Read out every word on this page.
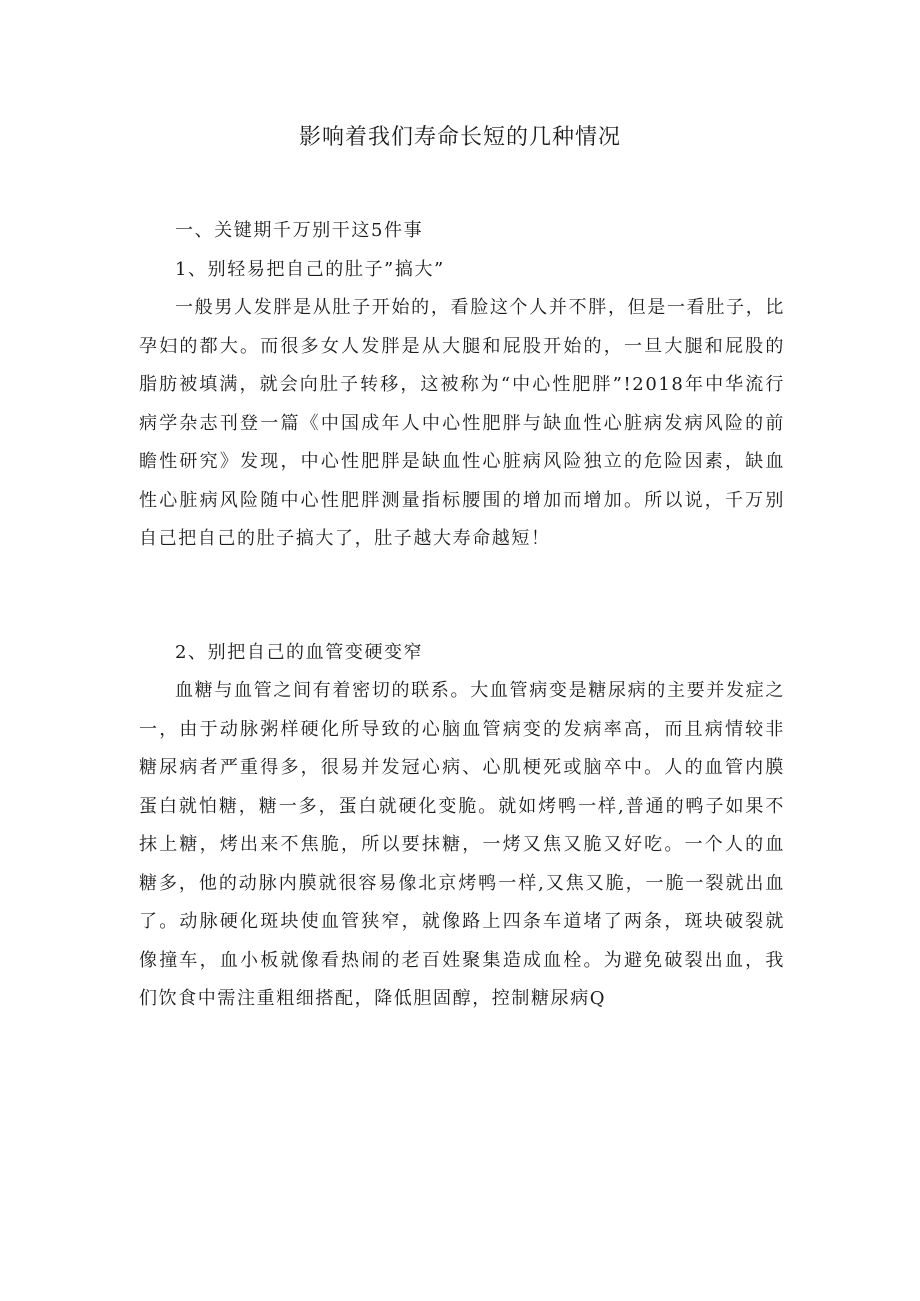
影响着我们寿命长短的几种情况

一、关键期千万别干这5件事

1、别轻易把自己的肚子”搞大”

一般男人发胖是从肚子开始的，看脸这个人并不胖，但是一看肚子，比孕妇的都大。而很多女人发胖是从大腿和屁股开始的，一旦大腿和屁股的脂肪被填满，就会向肚子转移，这被称为“中心性肥胖”!2018年中华流行病学杂志刊登一篇《中国成年人中心性肥胖与缺血性心脏病发病风险的前瞻性研究》发现，中心性肥胖是缺血性心脏病风险独立的危险因素，缺血性心脏病风险随中心性肥胖测量指标腰围的增加而增加。所以说，千万别自己把自己的肚子搞大了，肚子越大寿命越短！

2、别把自己的血管变硬变窄

血糖与血管之间有着密切的联系。大血管病变是糖尿病的主要并发症之一，由于动脉粥样硬化所导致的心脑血管病变的发病率高，而且病情较非糖尿病者严重得多，很易并发冠心病、心肌梗死或脑卒中。人的血管内膜蛋白就怕糖，糖一多，蛋白就硬化变脆。就如烤鸭一样,普通的鸭子如果不抹上糖，烤出来不焦脆，所以要抹糖，一烤又焦又脆又好吃。一个人的血糖多，他的动脉内膜就很容易像北京烤鸭一样,又焦又脆，一脆一裂就出血了。动脉硬化斑块使血管狭窄，就像路上四条车道堵了两条，斑块破裂就像撞车，血小板就像看热闹的老百姓聚集造成血栓。为避免破裂出血，我们饮食中需注重粗细搭配，降低胆固醇，控制糖尿病Q
